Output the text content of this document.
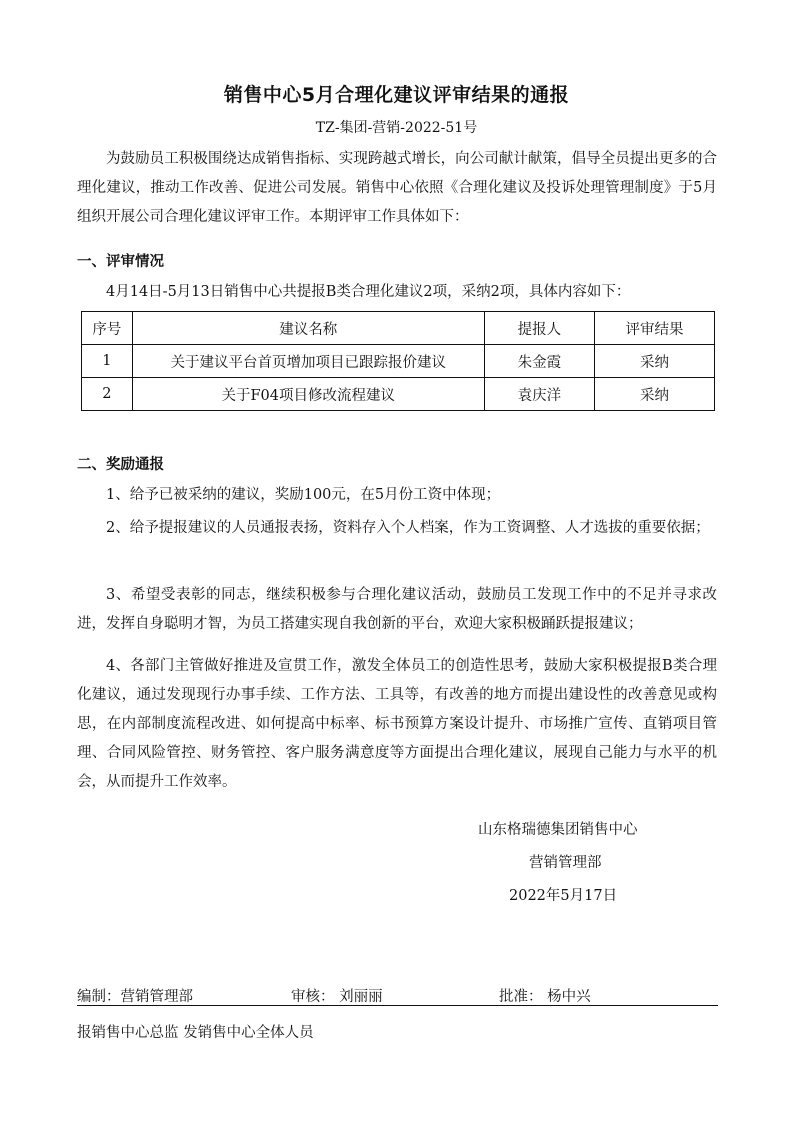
销售中心5月合理化建议评审结果的通报
TZ-集团-营销-2022-51号

为鼓励员工积极围绕达成销售指标、实现跨越式增长，向公司献计献策，倡导全员提出更多的合理化建议，推动工作改善、促进公司发展。销售中心依照《合理化建议及投诉处理管理制度》于5月组织开展公司合理化建议评审工作。本期评审工作具体如下：

一、评审情况

4月14日-5月13日销售中心共提报B类合理化建议2项，采纳2项，具体内容如下：

序号	建议名称	提报人	评审结果
1	关于建议平台首页增加项目已跟踪报价建议	朱金霞	采纳
2	关于F04项目修改流程建议	袁庆洋	采纳

二、奖励通报

1、给予已被采纳的建议，奖励100元，在5月份工资中体现；

2、给予提报建议的人员通报表扬，资料存入个人档案，作为工资调整、人才选拔的重要依据；

3、希望受表彰的同志，继续积极参与合理化建议活动，鼓励员工发现工作中的不足并寻求改进，发挥自身聪明才智，为员工搭建实现自我创新的平台，欢迎大家积极踊跃提报建议；

4、各部门主管做好推进及宣贯工作，激发全体员工的创造性思考，鼓励大家积极提报B类合理化建议，通过发现现行办事手续、工作方法、工具等，有改善的地方而提出建设性的改善意见或构思，在内部制度流程改进、如何提高中标率、标书预算方案设计提升、市场推广宣传、直销项目管理、合同风险管控、财务管控、客户服务满意度等方面提出合理化建议，展现自己能力与水平的机会，从而提升工作效率。

山东格瑞德集团销售中心
营销管理部
2022年5月17日
编制：营销管理部	审核： 刘丽丽	批准： 杨中兴
报销售中心总监 发销售中心全体人员
